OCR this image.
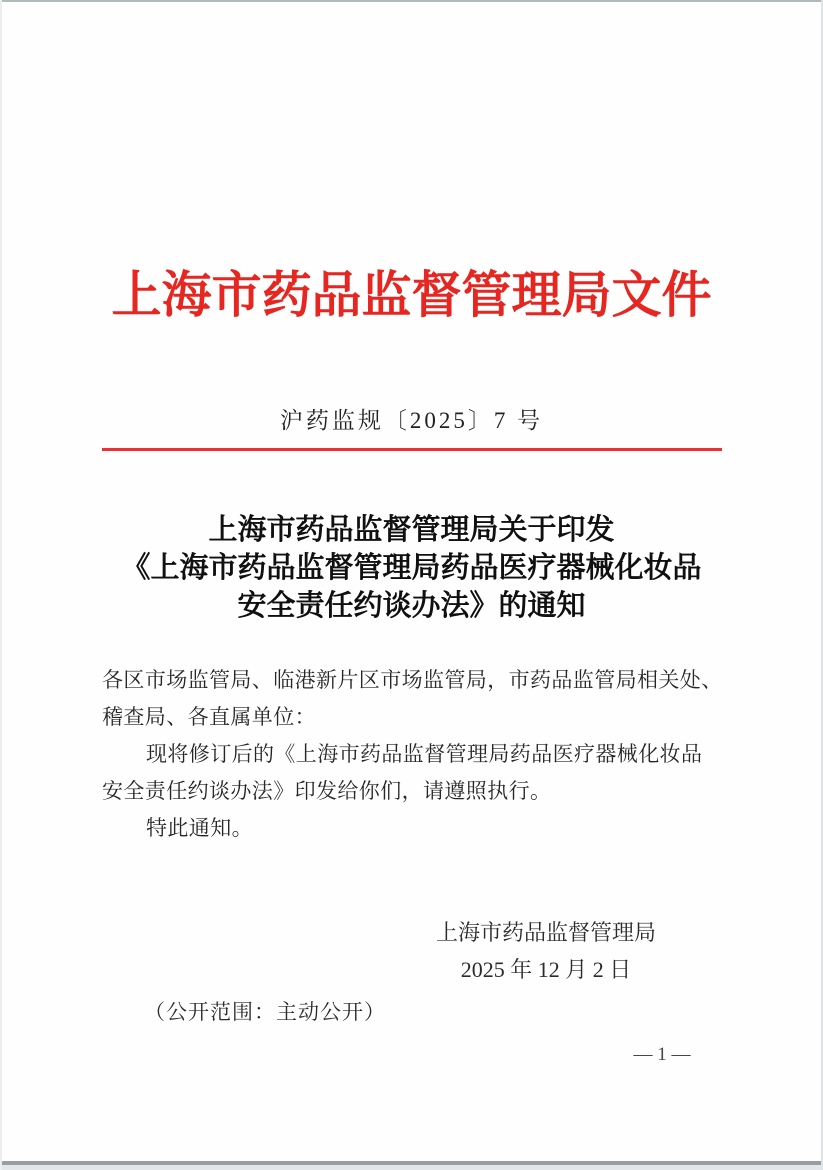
上海市药品监督管理局文件
沪药监规〔2025〕7 号
上海市药品监督管理局关于印发
《上海市药品监督管理局药品医疗器械化妆品
安全责任约谈办法》的通知
各区市场监管局、临港新片区市场监管局，市药品监管局相关处、
稽查局、各直属单位：
现将修订后的《上海市药品监督管理局药品医疗器械化妆品
安全责任约谈办法》印发给你们，请遵照执行。
特此通知。
上海市药品监督管理局
2025 年 12 月 2 日
（公开范围：主动公开）
— 1 —
